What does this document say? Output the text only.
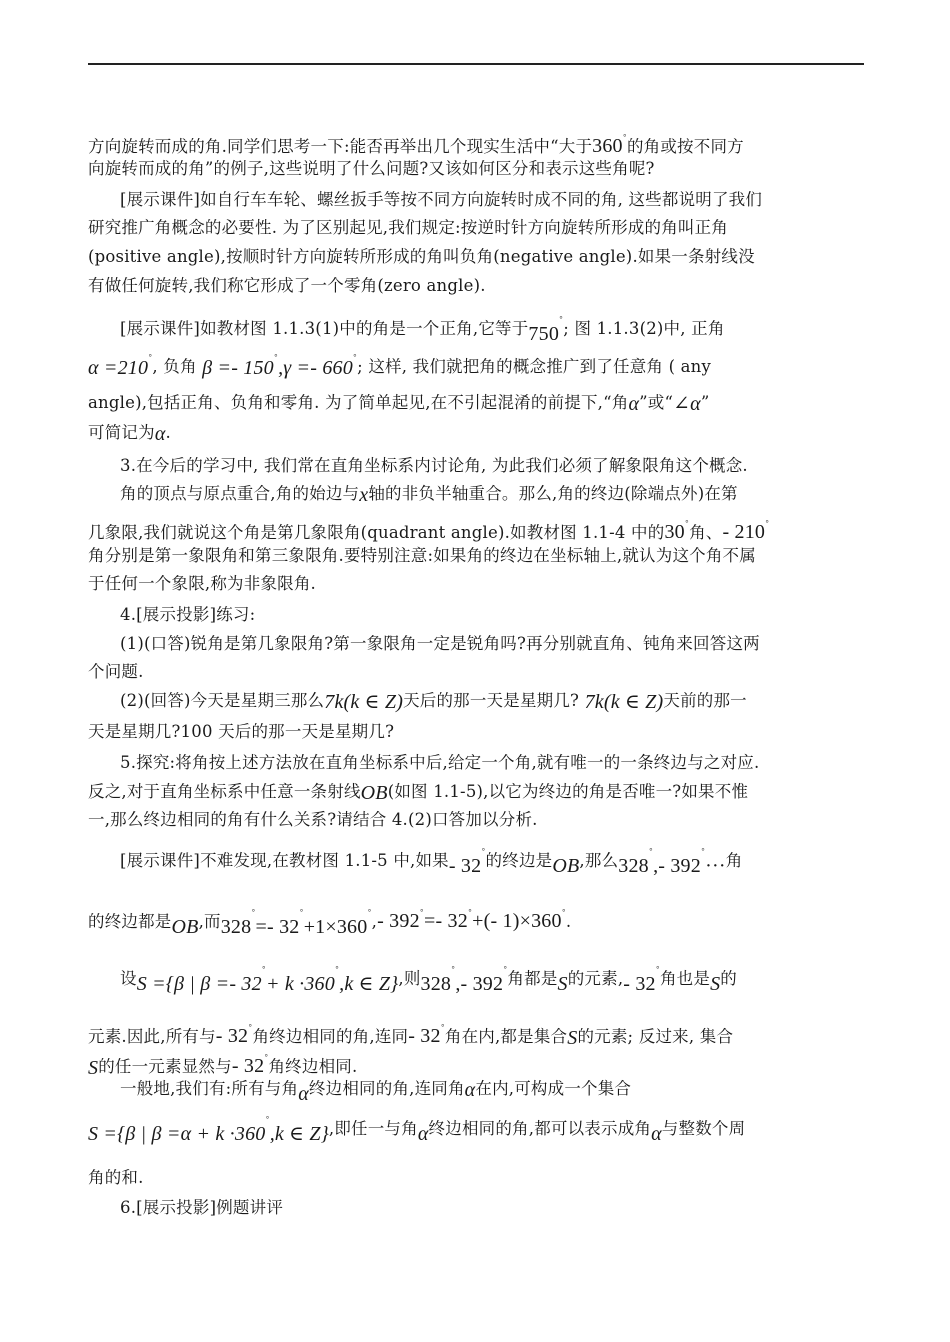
方向旋转而成的角.同学们思考一下:能否再举出几个现实生活中“大于360°的角或按不同方
向旋转而成的角”的例子,这些说明了什么问题?又该如何区分和表示这些角呢?
[展示课件]如自行车车轮、螺丝扳手等按不同方向旋转时成不同的角, 这些都说明了我们
研究推广角概念的必要性. 为了区别起见,我们规定:按逆时针方向旋转所形成的角叫正角
(positive angle),按顺时针方向旋转所形成的角叫负角(negative angle).如果一条射线没
有做任何旋转,我们称它形成了一个零角(zero angle).
[展示课件]如教材图 1.1.3(1)中的角是一个正角,它等于750°; 图 1.1.3(2)中, 正角
α =210°, 负角 β =- 150°,γ =- 660°; 这样, 我们就把角的概念推广到了任意角 ( any
angle),包括正角、负角和零角. 为了简单起见,在不引起混淆的前提下,“角α”或“∠α”
可简记为α.
3.在今后的学习中, 我们常在直角坐标系内讨论角, 为此我们必须了解象限角这个概念.
角的顶点与原点重合,角的始边与x轴的非负半轴重合。那么,角的终边(除端点外)在第
几象限,我们就说这个角是第几象限角(quadrant angle).如教材图 1.1-4 中的30°角、- 210°
角分别是第一象限角和第三象限角.要特别注意:如果角的终边在坐标轴上,就认为这个角不属
于任何一个象限,称为非象限角.
4.[展示投影]练习:
(1)(口答)锐角是第几象限角?第一象限角一定是锐角吗?再分别就直角、钝角来回答这两
个问题.
(2)(回答)今天是星期三那么7k(k ∈ Z)天后的那一天是星期几? 7k(k ∈ Z)天前的那一
天是星期几?100 天后的那一天是星期几?
5.探究:将角按上述方法放在直角坐标系中后,给定一个角,就有唯一的一条终边与之对应.
反之,对于直角坐标系中任意一条射线OB(如图 1.1-5),以它为终边的角是否唯一?如果不惟
一,那么终边相同的角有什么关系?请结合 4.(2)口答加以分析.
[展示课件]不难发现,在教材图 1.1-5 中,如果- 32°的终边是OB,那么328°,- 392°···角
的终边都是OB,而328°=- 32°+1×360°,- 392°=- 32°+(- 1)×360°.
设S ={β | β =- 32°+ k ·360°,k ∈ Z},则328°,- 392°角都是S的元素,- 32°角也是S的
元素.因此,所有与- 32°角终边相同的角,连同- 32°角在内,都是集合S的元素; 反过来, 集合
S的任一元素显然与- 32°角终边相同.
一般地,我们有:所有与角α终边相同的角,连同角α在内,可构成一个集合
S ={β | β =α + k ·360°,k ∈ Z},即任一与角α终边相同的角,都可以表示成角α与整数个周
角的和.
6.[展示投影]例题讲评
